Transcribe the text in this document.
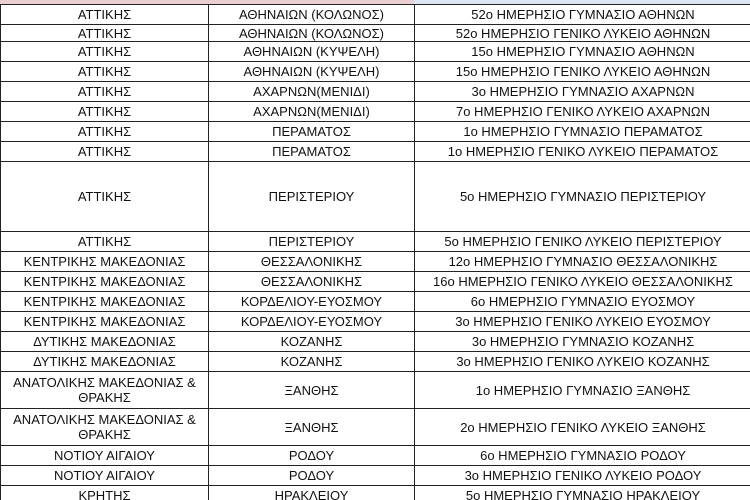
ΑΤΤΙΚΗΣ	ΑΘΗΝΑΙΩΝ (ΚΟΛΩΝΟΣ)	52ο ΗΜΕΡΗΣΙΟ ΓΥΜΝΑΣΙΟ ΑΘΗΝΩΝ
ΑΤΤΙΚΗΣ	ΑΘΗΝΑΙΩΝ (ΚΟΛΩΝΟΣ)	52ο ΗΜΕΡΗΣΙΟ ΓΕΝΙΚΟ ΛΥΚΕΙΟ ΑΘΗΝΩΝ
ΑΤΤΙΚΗΣ	ΑΘΗΝΑΙΩΝ (ΚΥΨΕΛΗ)	15ο ΗΜΕΡΗΣΙΟ ΓΥΜΝΑΣΙΟ ΑΘΗΝΩΝ
ΑΤΤΙΚΗΣ	ΑΘΗΝΑΙΩΝ (ΚΥΨΕΛΗ)	15ο ΗΜΕΡΗΣΙΟ ΓΕΝΙΚΟ ΛΥΚΕΙΟ ΑΘΗΝΩΝ
ΑΤΤΙΚΗΣ	ΑΧΑΡΝΩΝ(ΜΕΝΙΔΙ)	3ο ΗΜΕΡΗΣΙΟ ΓΥΜΝΑΣΙΟ ΑΧΑΡΝΩΝ
ΑΤΤΙΚΗΣ	ΑΧΑΡΝΩΝ(ΜΕΝΙΔΙ)	7ο ΗΜΕΡΗΣΙΟ ΓΕΝΙΚΟ ΛΥΚΕΙΟ ΑΧΑΡΝΩΝ
ΑΤΤΙΚΗΣ	ΠΕΡΑΜΑΤΟΣ	1ο ΗΜΕΡΗΣΙΟ ΓΥΜΝΑΣΙΟ ΠΕΡΑΜΑΤΟΣ
ΑΤΤΙΚΗΣ	ΠΕΡΑΜΑΤΟΣ	1ο ΗΜΕΡΗΣΙΟ ΓΕΝΙΚΟ ΛΥΚΕΙΟ ΠΕΡΑΜΑΤΟΣ
ΑΤΤΙΚΗΣ	ΠΕΡΙΣΤΕΡΙΟΥ	5ο ΗΜΕΡΗΣΙΟ ΓΥΜΝΑΣΙΟ ΠΕΡΙΣΤΕΡΙΟΥ
ΑΤΤΙΚΗΣ	ΠΕΡΙΣΤΕΡΙΟΥ	5ο ΗΜΕΡΗΣΙΟ ΓΕΝΙΚΟ ΛΥΚΕΙΟ ΠΕΡΙΣΤΕΡΙΟΥ
ΚΕΝΤΡΙΚΗΣ ΜΑΚΕΔΟΝΙΑΣ	ΘΕΣΣΑΛΟΝΙΚΗΣ	12ο ΗΜΕΡΗΣΙΟ ΓΥΜΝΑΣΙΟ ΘΕΣΣΑΛΟΝΙΚΗΣ
ΚΕΝΤΡΙΚΗΣ ΜΑΚΕΔΟΝΙΑΣ	ΘΕΣΣΑΛΟΝΙΚΗΣ	16ο ΗΜΕΡΗΣΙΟ ΓΕΝΙΚΟ ΛΥΚΕΙΟ ΘΕΣΣΑΛΟΝΙΚΗΣ
ΚΕΝΤΡΙΚΗΣ ΜΑΚΕΔΟΝΙΑΣ	ΚΟΡΔΕΛΙΟΥ-ΕΥΟΣΜΟΥ	6ο ΗΜΕΡΗΣΙΟ ΓΥΜΝΑΣΙΟ ΕΥΟΣΜΟΥ
ΚΕΝΤΡΙΚΗΣ ΜΑΚΕΔΟΝΙΑΣ	ΚΟΡΔΕΛΙΟΥ-ΕΥΟΣΜΟΥ	3ο ΗΜΕΡΗΣΙΟ ΓΕΝΙΚΟ ΛΥΚΕΙΟ ΕΥΟΣΜΟΥ
ΔΥΤΙΚΗΣ ΜΑΚΕΔΟΝΙΑΣ	ΚΟΖΑΝΗΣ	3ο ΗΜΕΡΗΣΙΟ ΓΥΜΝΑΣΙΟ ΚΟΖΑΝΗΣ
ΔΥΤΙΚΗΣ ΜΑΚΕΔΟΝΙΑΣ	ΚΟΖΑΝΗΣ	3ο ΗΜΕΡΗΣΙΟ ΓΕΝΙΚΟ ΛΥΚΕΙΟ ΚΟΖΑΝΗΣ
ΑΝΑΤΟΛΙΚΗΣ ΜΑΚΕΔΟΝΙΑΣ & ΘΡΑΚΗΣ	ΞΑΝΘΗΣ	1ο ΗΜΕΡΗΣΙΟ ΓΥΜΝΑΣΙΟ ΞΑΝΘΗΣ
ΑΝΑΤΟΛΙΚΗΣ ΜΑΚΕΔΟΝΙΑΣ & ΘΡΑΚΗΣ	ΞΑΝΘΗΣ	2ο ΗΜΕΡΗΣΙΟ ΓΕΝΙΚΟ ΛΥΚΕΙΟ ΞΑΝΘΗΣ
ΝΟΤΙΟΥ ΑΙΓΑΙΟΥ	ΡΟΔΟΥ	6ο ΗΜΕΡΗΣΙΟ ΓΥΜΝΑΣΙΟ ΡΟΔΟΥ
ΝΟΤΙΟΥ ΑΙΓΑΙΟΥ	ΡΟΔΟΥ	3ο ΗΜΕΡΗΣΙΟ ΓΕΝΙΚΟ ΛΥΚΕΙΟ ΡΟΔΟΥ
ΚΡΗΤΗΣ	ΗΡΑΚΛΕΙΟΥ	5ο ΗΜΕΡΗΣΙΟ ΓΥΜΝΑΣΙΟ ΗΡΑΚΛΕΙΟΥ
